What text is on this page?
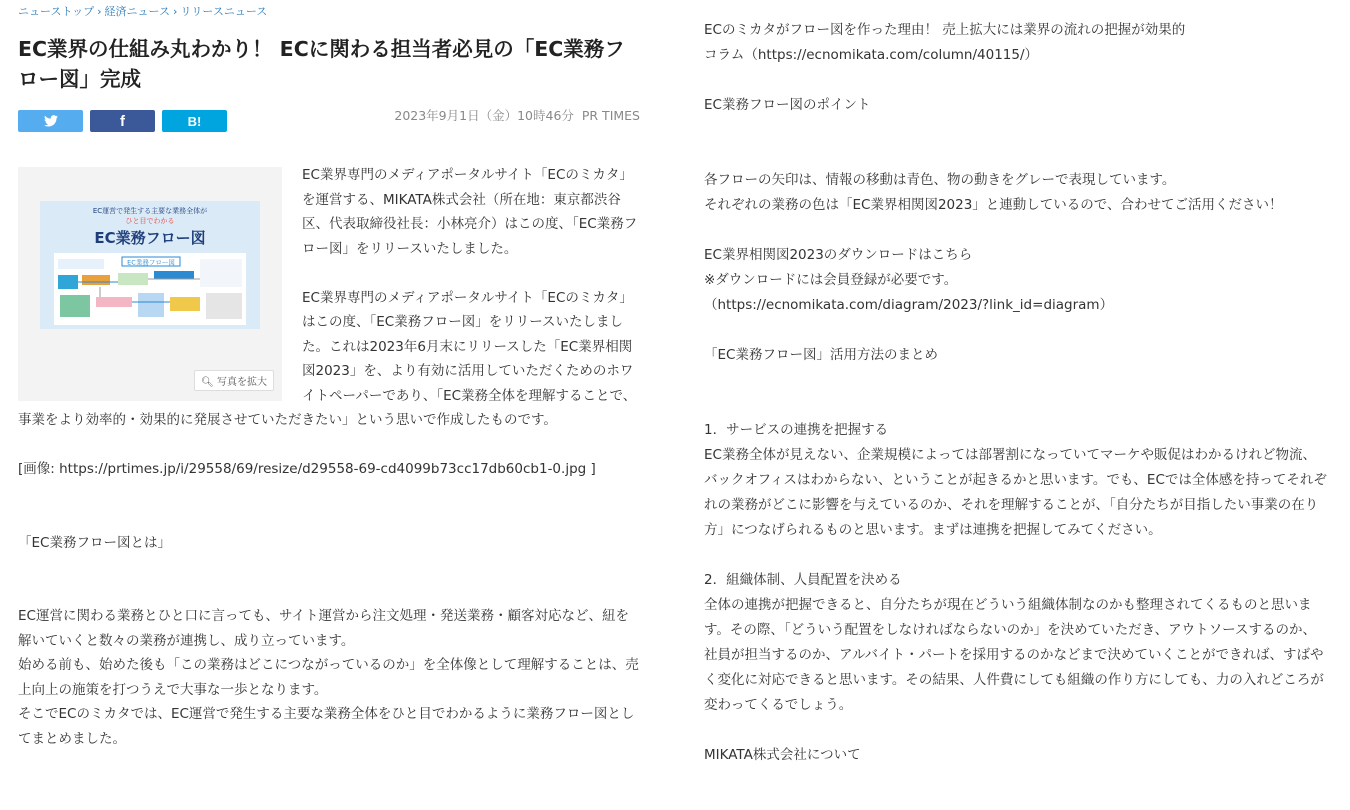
ニューストップ › 経済ニュース › リリースニュース
EC業界の仕組み丸わかり！ ECに関わる担当者必見の「EC業務フロー図」完成
f	B!	2023年9月1日（金）10時46分 PR TIMES
EC運営で発生する主要な業務全体が
ひと目でわかる
EC業務フロー図
EC業務フロー図
🔍︎ 写真を拡大

EC業界専門のメディアポータルサイト「ECのミカタ」を運営する、MIKATA株式会社（所在地：東京都渋谷区、代表取締役社長：小林亮介）はこの度、「EC業務フロー図」をリリースいたしました。

EC業界専門のメディアポータルサイト「ECのミカタ」はこの度、「EC業務フロー図」をリリースいたしました。これは2023年6月末にリリースした「EC業界相関図2023」を、より有効に活用していただくためのホワイトペーパーであり、「EC業務全体を理解することで、事業をより効率的・効果的に発展させていただきたい」という思いで作成したものです。

[画像: https://prtimes.jp/i/29558/69/resize/d29558-69-cd4099b73cc17db60cb1-0.jpg ]

「EC業務フロー図とは」

EC運営に関わる業務とひと口に言っても、サイト運営から注文処理・発送業務・顧客対応など、紐を解いていくと数々の業務が連携し、成り立っています。

始める前も、始めた後も「この業務はどこにつながっているのか」を全体像として理解することは、売上向上の施策を打つうえで大事な一歩となります。

そこでECのミカタでは、EC運営で発生する主要な業務全体をひと目でわかるように業務フロー図としてまとめました。

ECのミカタがフロー図を作った理由！ 売上拡大には業界の流れの把握が効果的

コラム（https://ecnomikata.com/column/40115/）

EC業務フロー図のポイント

各フローの矢印は、情報の移動は青色、物の動きをグレーで表現しています。

それぞれの業務の色は「EC業界相関図2023」と連動しているので、合わせてご活用ください！

EC業界相関図2023のダウンロードはこちら

※ダウンロードには会員登録が必要です。

（https://ecnomikata.com/diagram/2023/?link_id=diagram）

「EC業務フロー図」活用方法のまとめ

1．サービスの連携を把握する

EC業務全体が見えない、企業規模によっては部署割になっていてマーケや販促はわかるけれど物流、バックオフィスはわからない、ということが起きるかと思います。でも、ECでは全体感を持ってそれぞれの業務がどこに影響を与えているのか、それを理解することが、「自分たちが目指したい事業の在り方」につなげられるものと思います。まずは連携を把握してみてください。

2．組織体制、人員配置を決める

全体の連携が把握できると、自分たちが現在どういう組織体制なのかも整理されてくるものと思います。その際、「どういう配置をしなければならないのか」を決めていただき、アウトソースするのか、社員が担当するのか、アルバイト・パートを採用するのかなどまで決めていくことができれば、すばやく変化に対応できると思います。その結果、人件費にしても組織の作り方にしても、力の入れどころが変わってくるでしょう。

MIKATA株式会社について
